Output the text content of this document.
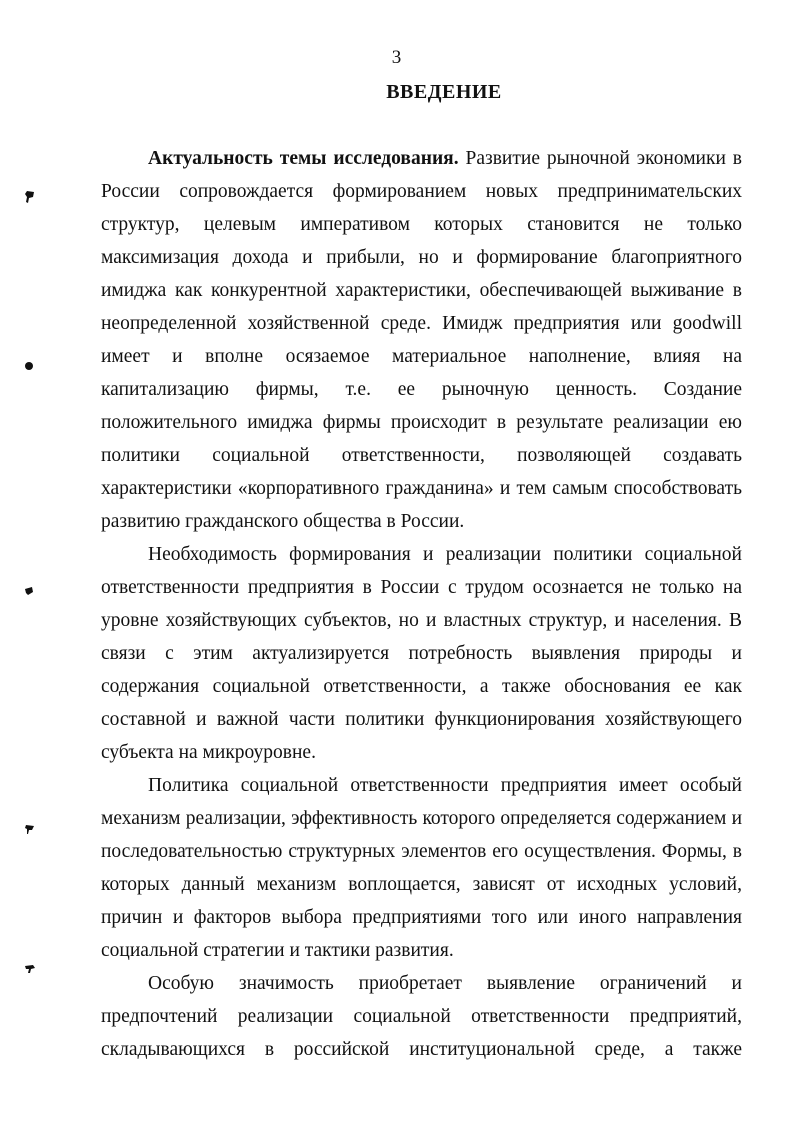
3
ВВЕДЕНИЕ

Актуальность темы исследования. Развитие рыночной экономики в России сопровождается формированием новых предпринимательских структур, целевым императивом которых становится не только максимизация дохода и прибыли, но и формирование благоприятного имиджа как конкурентной характеристики, обеспечивающей выживание в неопределенной хозяйственной среде. Имидж предприятия или goodwill имеет и вполне осязаемое материальное наполнение, влияя на капитализацию фирмы, т.е. ее рыночную ценность. Создание положительного имиджа фирмы происходит в результате реализации ею политики социальной ответственности, позволяющей создавать характеристики «корпоративного гражданина» и тем самым способствовать развитию гражданского общества в России.

Необходимость формирования и реализации политики социальной ответственности предприятия в России с трудом осознается не только на уровне хозяйствующих субъектов, но и властных структур, и населения. В связи с этим актуализируется потребность выявления природы и содержания социальной ответственности, а также обоснования ее как составной и важной части политики функционирования хозяйствующего субъекта на микроуровне.

Политика социальной ответственности предприятия имеет особый механизм реализации, эффективность которого определяется содержанием и последовательностью структурных элементов его осуществления. Формы, в которых данный механизм воплощается, зависят от исходных условий, причин и факторов выбора предприятиями того или иного направления социальной стратегии и тактики развития.

Особую значимость приобретает выявление ограничений и предпочтений реализации социальной ответственности предприятий, складывающихся в российской институциональной среде, а также
